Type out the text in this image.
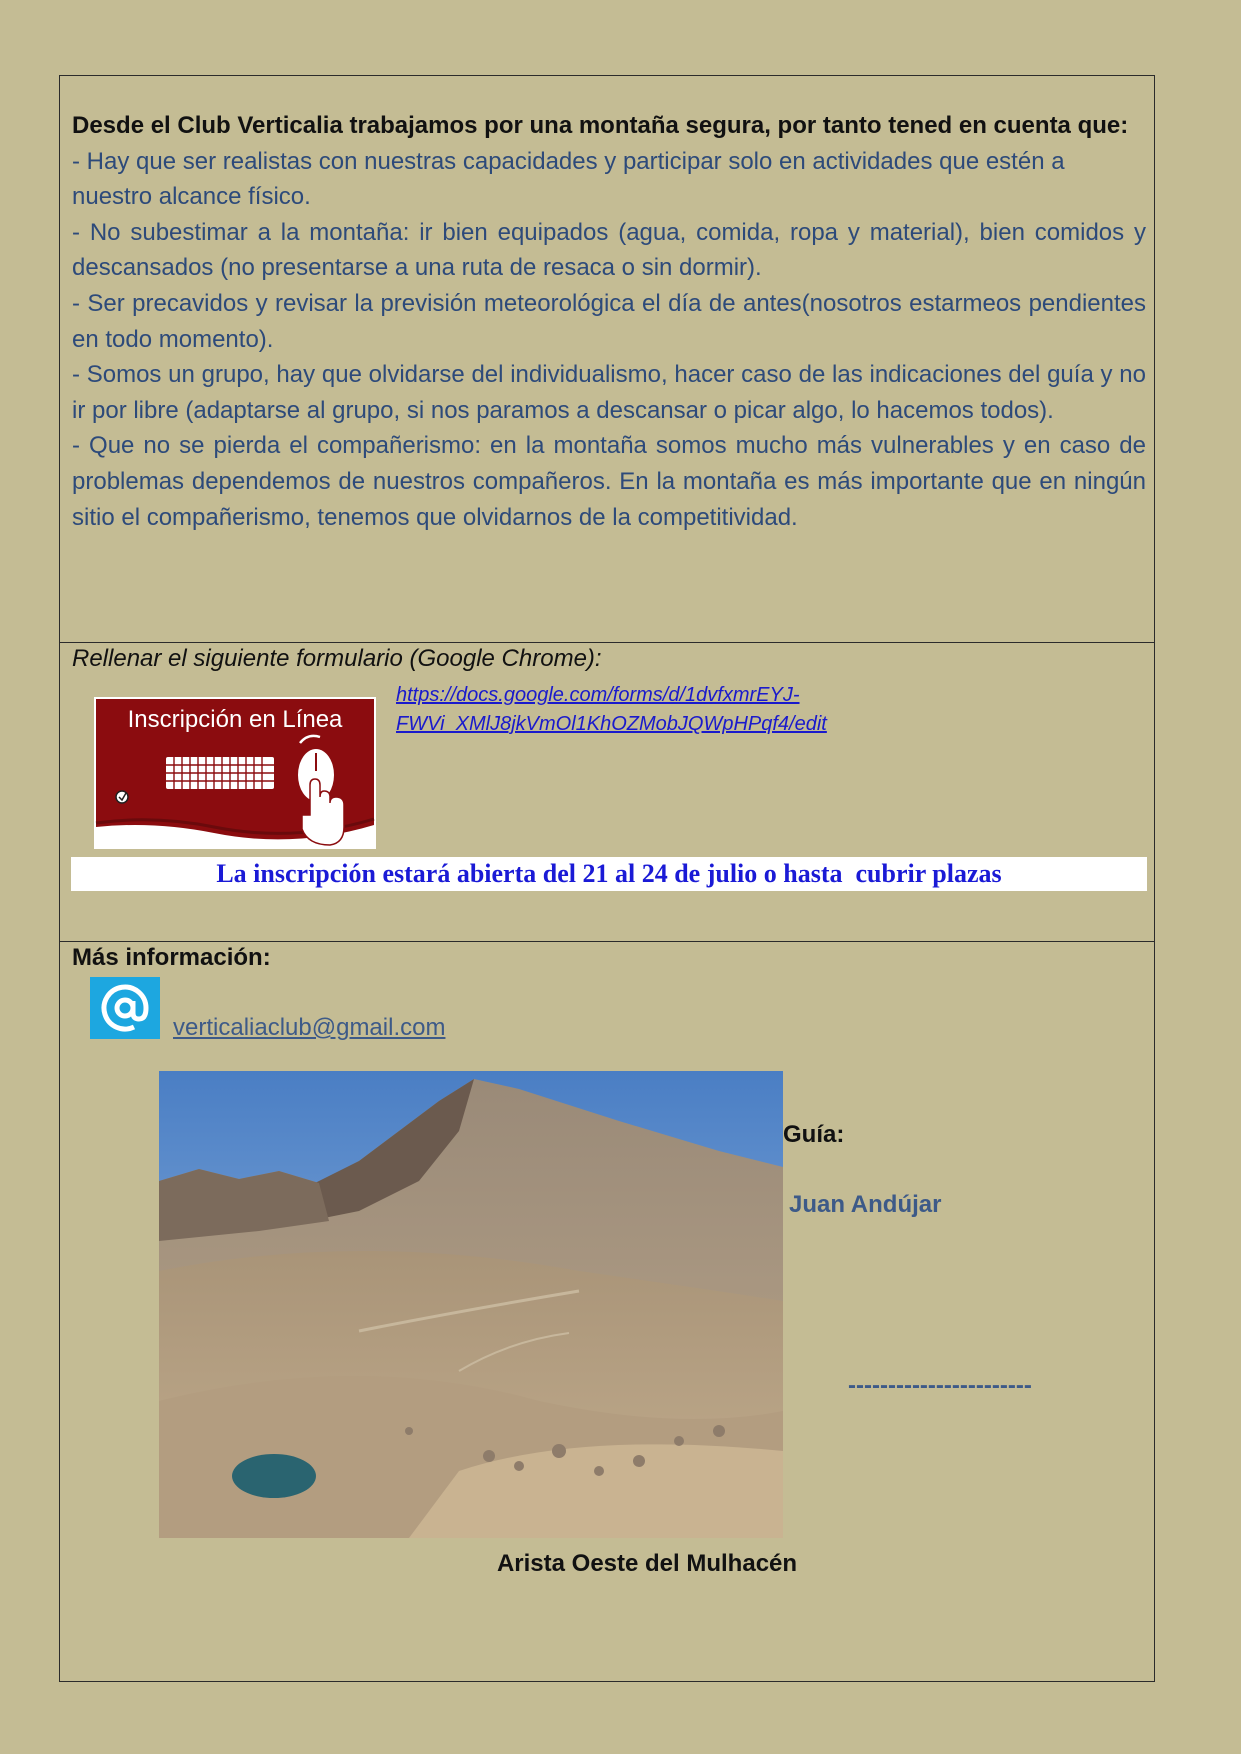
Desde el Club Verticalia trabajamos por una montaña segura, por tanto tened en cuenta que:

- Hay que ser realistas con nuestras capacidades y participar solo en actividades que estén a nuestro alcance físico.

- No subestimar a la montaña: ir bien equipados (agua, comida, ropa y material), bien comidos y descansados (no presentarse a una ruta de resaca o sin dormir).

- Ser precavidos y revisar la previsión meteorológica el día de antes(nosotros estarmeos pendientes en todo momento).

- Somos un grupo, hay que olvidarse del individualismo, hacer caso de las indicaciones del guía y no ir por libre (adaptarse al grupo, si nos paramos a descansar o picar algo, lo hacemos todos).

- Que no se pierda el compañerismo: en la montaña somos mucho más vulnerables y en caso de problemas dependemos de nuestros compañeros. En la montaña es más importante que en ningún sitio el compañerismo, tenemos que olvidarnos de la competitividad.

Rellenar el siguiente formulario (Google Chrome):
https://docs.google.com/forms/d/1dvfxmrEYJ-
FWVi_XMlJ8jkVmOl1KhOZMobJQWpHPqf4/edit
Inscripción en Línea
La inscripción estará abierta del 21 al 24 de julio o hasta  cubrir plazas
Más información:
verticaliaclub@gmail.com
Guía:
Juan Andújar
-----------------------
Arista Oeste del Mulhacén
